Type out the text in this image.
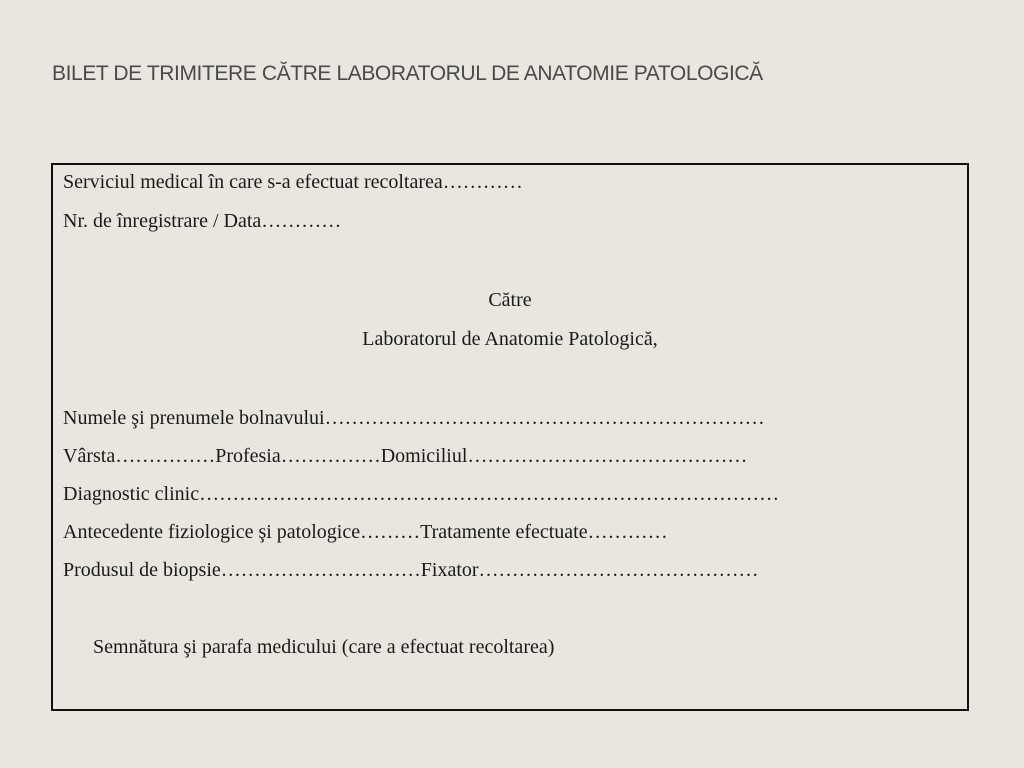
BILET DE TRIMITERE CĂTRE LABORATORUL DE ANATOMIE PATOLOGICĂ
Serviciul medical în care s-a efectuat recoltarea…………
Nr. de înregistrare / Data…………
Către
Laboratorul de Anatomie Patologică,
Numele şi prenumele bolnavului…………………………………………………………
Vârsta……………Profesia……………Domiciliul……………………………………
Diagnostic clinic……………………………………………………………………………
Antecedente fiziologice şi patologice………Tratamente efectuate…………
Produsul de biopsie…………………………Fixator……………………………………
Semnătura şi parafa medicului (care a efectuat recoltarea)
